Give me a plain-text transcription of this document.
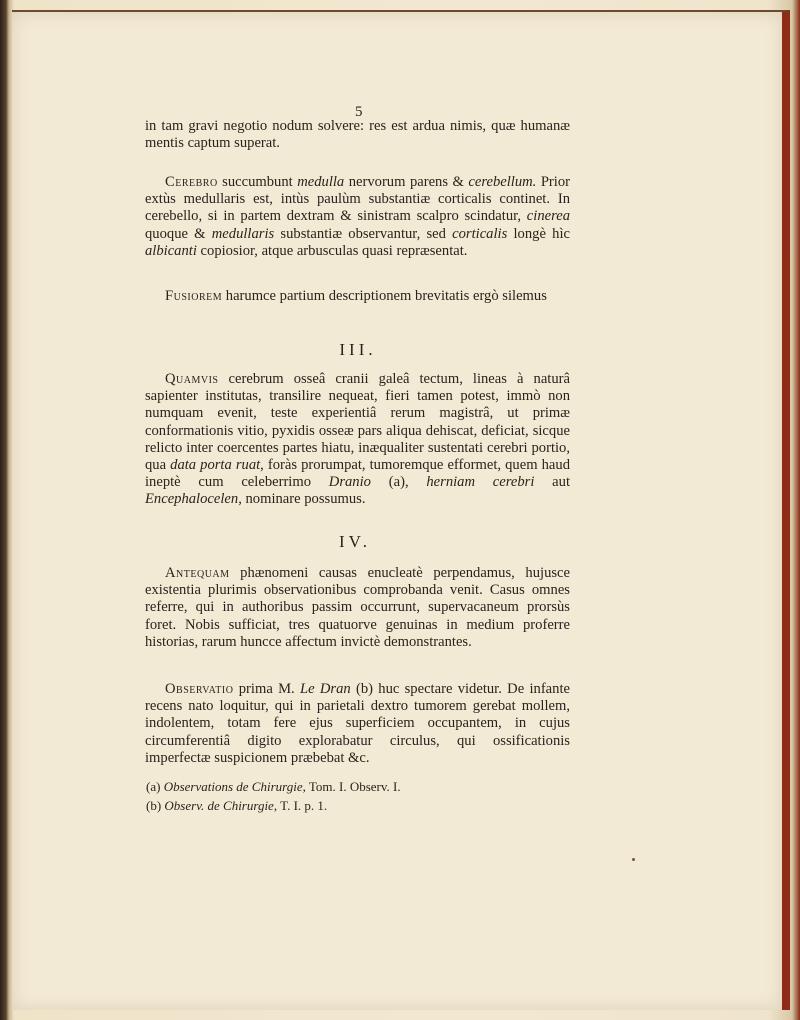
5
in tam gravi negotio nodum solvere: res est ardua nimis, quæ humanæ mentis captum superat.
Cerebro succumbunt medulla nervorum parens & cerebellum. Prior extùs medullaris est, intùs paulùm substantiæ corticalis continet. In cerebello, si in partem dextram & sinistram scalpro scindatur, cinerea quoque & medullaris substantiæ observantur, sed corticalis longè hìc albicanti copiosior, atque arbusculas quasi repræsentat.
Fusiorem harumce partium descriptionem brevitatis ergò silemus
III.
Quamvis cerebrum osseâ cranii galeâ tectum, lineas à naturâ sapienter institutas, transilire nequeat, fieri tamen potest, immò non numquam evenit, teste experientiâ rerum magistrâ, ut primæ conformationis vitio, pyxidis osseæ pars aliqua dehiscat, deficiat, sicque relicto inter coercentes partes hiatu, inæqualiter sustentati cerebri portio, qua data porta ruat, foràs prorumpat, tumoremque efformet, quem haud ineptè cum celeberrimo Dranio (a), herniam cerebri aut Encephalocelen, nominare possumus.
IV.
Antequam phænomeni causas enucleatè perpendamus, hujusce existentia plurimis observationibus comprobanda venit. Casus omnes referre, qui in authoribus passim occurrunt, supervacaneum prorsùs foret. Nobis sufficiat, tres quatuorve genuinas in medium proferre historias, rarum huncce affectum invictè demonstrantes.
Observatio prima M. Le Dran (b) huc spectare videtur. De infante recens nato loquitur, qui in parietali dextro tumorem gerebat mollem, indolentem, totam fere ejus superficiem occupantem, in cujus circumferentiâ digito explorabatur circulus, qui ossificationis imperfectæ suspicionem præbebat &c.
(a) Observations de Chirurgie, Tom. I. Observ. I.
(b) Observ. de Chirurgie, T. I. p. 1.
